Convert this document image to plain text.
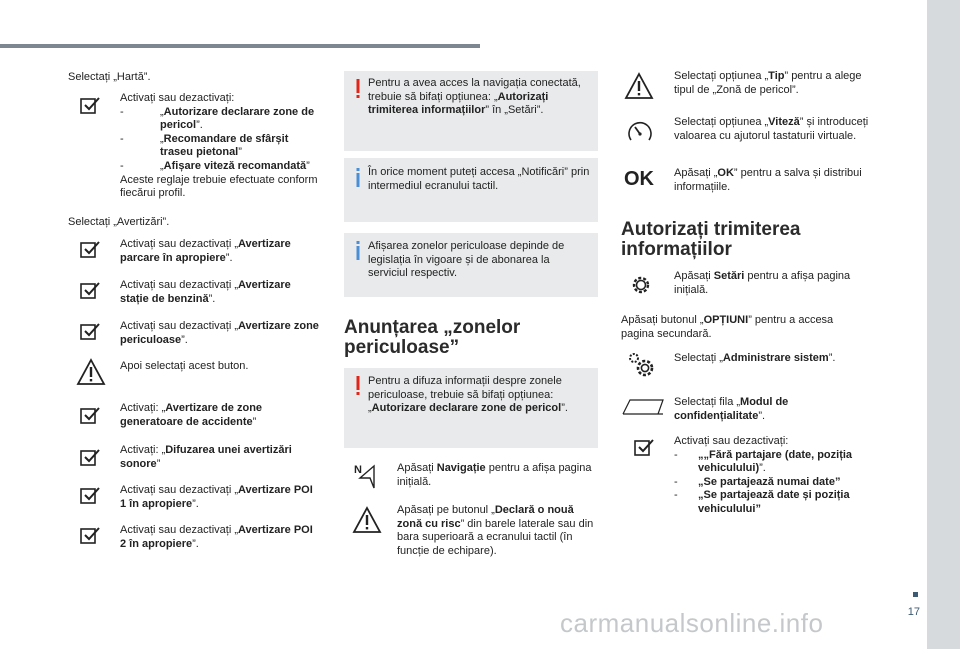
17
Selectați „Hartă”.
Activați sau dezactivați:
-	„Autorizare declarare zone de pericol”.
-	„Recomandare de sfârșit traseu pietonal”
-	„Afișare viteză recomandată”
Aceste reglaje trebuie efectuate conform fiecărui profil.
Selectați „Avertizări”.
Activați sau dezactivați „Avertizare parcare în apropiere”.
Activați sau dezactivați „Avertizare stație de benzină”.
Activați sau dezactivați „Avertizare zone periculoase”.
Apoi selectați acest buton.
Activați: „Avertizare de zone generatoare de accidente”
Activați: „Difuzarea unei avertizări sonore”
Activați sau dezactivați „Avertizare POI 1 în apropiere”.
Activați sau dezactivați „Avertizare POI 2 în apropiere”.
Pentru a avea acces la navigația conectată, trebuie să bifați opțiunea: „Autorizați trimiterea informațiilor” în „Setări”.
În orice moment puteți accesa „Notificări” prin intermediul ecranului tactil.
Afișarea zonelor periculoase depinde de legislația în vigoare și de abonarea la serviciul respectiv.
Anunțarea „zonelor periculoase”
Pentru a difuza informații despre zonele periculoase, trebuie să bifați opțiunea: „Autorizare declarare zone de pericol”.
N	Apăsați Navigație pentru a afișa pagina inițială.
Apăsați pe butonul „Declară o nouă zonă cu risc” din barele laterale sau din bara superioară a ecranului tactil (în funcție de echipare).
Selectați opțiunea „Tip” pentru a alege tipul de „Zonă de pericol”.
Selectați opțiunea „Viteză” și introduceți valoarea cu ajutorul tastaturii virtuale.
OK Apăsați „OK” pentru a salva și distribui informațiile.
Autorizați trimiterea informațiilor
Apăsați Setări pentru a afișa pagina inițială.
Apăsați butonul „OPȚIUNI” pentru a accesa pagina secundară.
Selectați „Administrare sistem”.
Selectați fila „Modul de confidențialitate”.
Activați sau dezactivați:
- „„Fără partajare (date, poziția vehiculului)”.
- „Se partajează numai date”
- „Se partajează date și poziția vehiculului”
carmanualsonline.info
